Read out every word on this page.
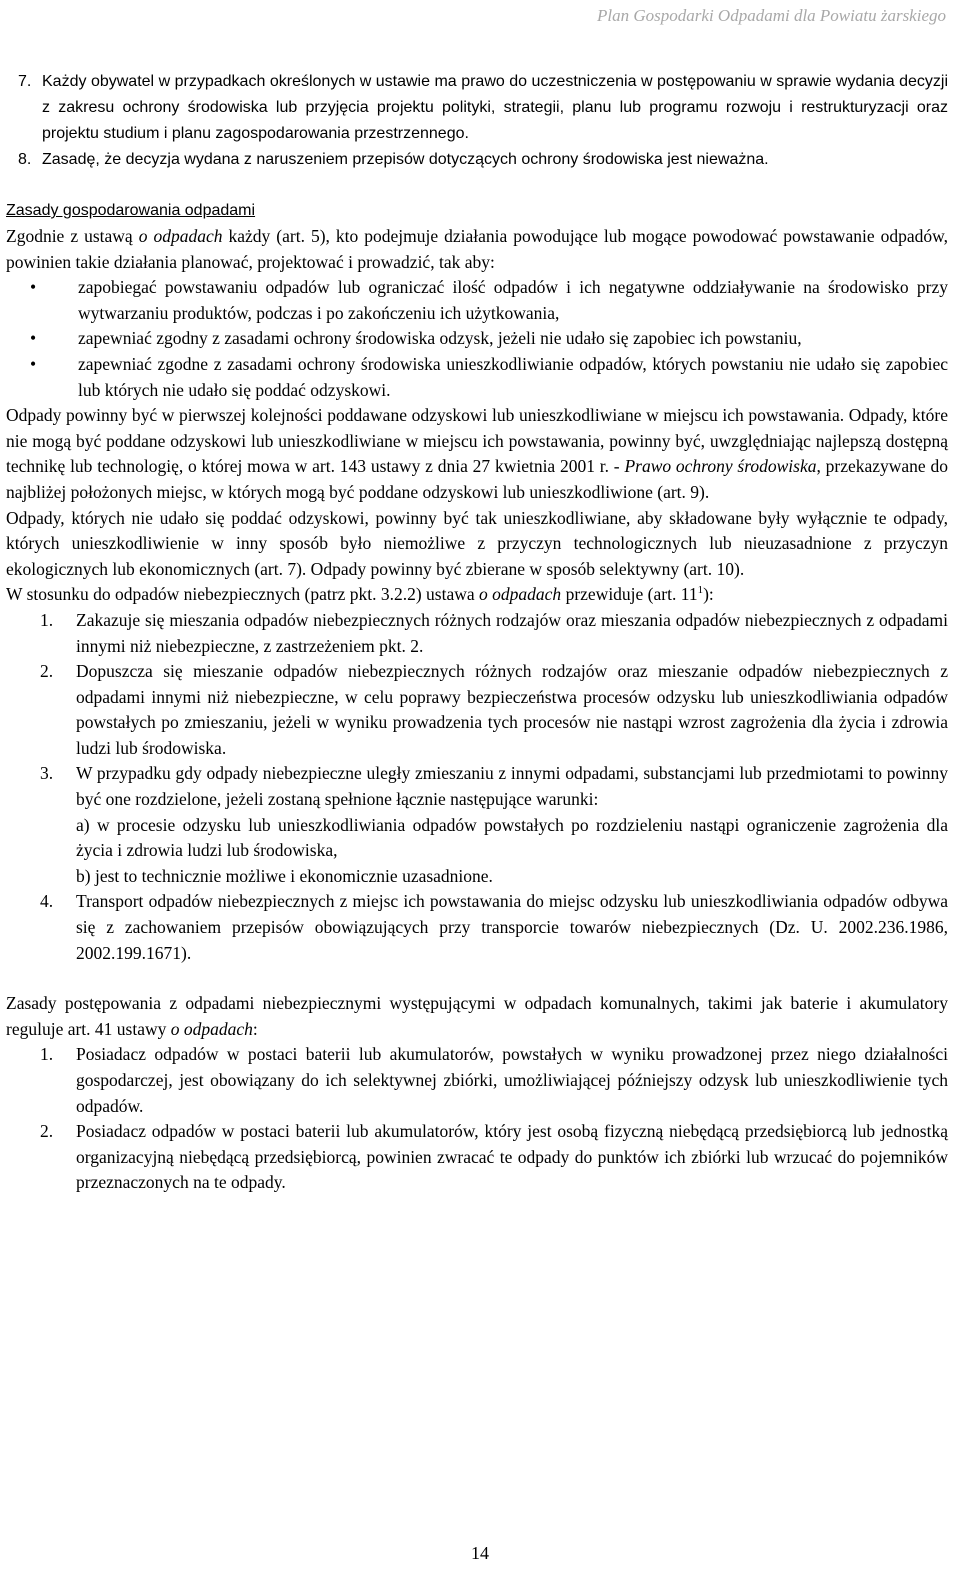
Plan Gospodarki Odpadami dla Powiatu żarskiego
7. Każdy obywatel w przypadkach określonych w ustawie ma prawo do uczestniczenia w postępowaniu w sprawie wydania decyzji z zakresu ochrony środowiska lub przyjęcia projektu polityki, strategii, planu lub programu rozwoju i restrukturyzacji oraz projektu studium i planu zagospodarowania przestrzennego.
8. Zasadę, że decyzja wydana z naruszeniem przepisów dotyczących ochrony środowiska jest nieważna.

Zasady gospodarowania odpadami

Zgodnie z ustawą o odpadach każdy (art. 5), kto podejmuje działania powodujące lub mogące powodować powstawanie odpadów, powinien takie działania planować, projektować i prowadzić, tak aby:

•	zapobiegać powstawaniu odpadów lub ograniczać ilość odpadów i ich negatywne oddziaływanie na środowisko przy wytwarzaniu produktów, podczas i po zakończeniu ich użytkowania,
•	zapewniać zgodny z zasadami ochrony środowiska odzysk, jeżeli nie udało się zapobiec ich powstaniu,
•	zapewniać zgodne z zasadami ochrony środowiska unieszkodliwianie odpadów, których powstaniu nie udało się zapobiec lub których nie udało się poddać odzyskowi.

Odpady powinny być w pierwszej kolejności poddawane odzyskowi lub unieszkodliwiane w miejscu ich powstawania. Odpady, które nie mogą być poddane odzyskowi lub unieszkodliwiane w miejscu ich powstawania, powinny być, uwzględniając najlepszą dostępną technikę lub technologię, o której mowa w art. 143 ustawy z dnia 27 kwietnia 2001 r. - Prawo ochrony środowiska, przekazywane do najbliżej położonych miejsc, w których mogą być poddane odzyskowi lub unieszkodliwione (art. 9).

Odpady, których nie udało się poddać odzyskowi, powinny być tak unieszkodliwiane, aby składowane były wyłącznie te odpady, których unieszkodliwienie w inny sposób było niemożliwe z przyczyn technologicznych lub nieuzasadnione z przyczyn ekologicznych lub ekonomicznych (art. 7). Odpady powinny być zbierane w sposób selektywny (art. 10).

W stosunku do odpadów niebezpiecznych (patrz pkt. 3.2.2) ustawa o odpadach przewiduje (art. $11^1$):

1.	Zakazuje się mieszania odpadów niebezpiecznych różnych rodzajów oraz mieszania odpadów niebezpiecznych z odpadami innymi niż niebezpieczne, z zastrzeżeniem pkt. 2.
2.	Dopuszcza się mieszanie odpadów niebezpiecznych różnych rodzajów oraz mieszanie odpadów niebezpiecznych z odpadami innymi niż niebezpieczne, w celu poprawy bezpieczeństwa procesów odzysku lub unieszkodliwiania odpadów powstałych po zmieszaniu, jeżeli w wyniku prowadzenia tych procesów nie nastąpi wzrost zagrożenia dla życia i zdrowia ludzi lub środowiska.
3.	W przypadku gdy odpady niebezpieczne uległy zmieszaniu z innymi odpadami, substancjami lub przedmiotami to powinny być one rozdzielone, jeżeli zostaną spełnione łącznie następujące warunki:
a) w procesie odzysku lub unieszkodliwiania odpadów powstałych po rozdzieleniu nastąpi ograniczenie zagrożenia dla życia i zdrowia ludzi lub środowiska,
b) jest to technicznie możliwe i ekonomicznie uzasadnione.
4.	Transport odpadów niebezpiecznych z miejsc ich powstawania do miejsc odzysku lub unieszkodliwiania odpadów odbywa się z zachowaniem przepisów obowiązujących przy transporcie towarów niebezpiecznych (Dz. U. 2002.236.1986, 2002.199.1671).

Zasady postępowania z odpadami niebezpiecznymi występującymi w odpadach komunalnych, takimi jak baterie i akumulatory reguluje art. 41 ustawy o odpadach:

1.	Posiadacz odpadów w postaci baterii lub akumulatorów, powstałych w wyniku prowadzonej przez niego działalności gospodarczej, jest obowiązany do ich selektywnej zbiórki, umożliwiającej późniejszy odzysk lub unieszkodliwienie tych odpadów.
2.	Posiadacz odpadów w postaci baterii lub akumulatorów, który jest osobą fizyczną niebędącą przedsiębiorcą lub jednostką organizacyjną niebędącą przedsiębiorcą, powinien zwracać te odpady do punktów ich zbiórki lub wrzucać do pojemników przeznaczonych na te odpady.
14
